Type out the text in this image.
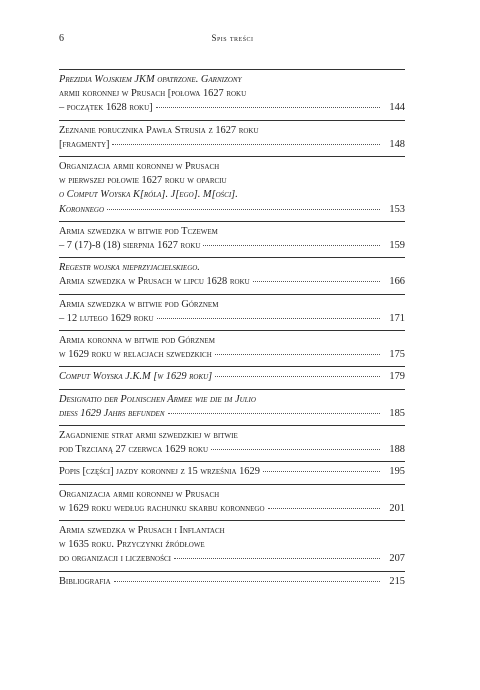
6	Spis treści
Prezidia Wojskiem JKM opatrzone. Garnizony
armii koronnej w Prusach [połowa 1627 roku
– początek 1628 roku]	144
Zeznanie porucznika Pawła Strusia z 1627 roku
[fragmenty]	148
Organizacja armii koronnej w Prusach
w pierwszej połowie 1627 roku w oparciu
o Comput Woyska K[róla]. J[ego]. M[ości].
Koronnego	153
Armia szwedzka w bitwie pod Tczewem
– 7 (17)-8 (18) sierpnia 1627 roku	159
Regestr wojska nieprzyjacielskiego.
Armia szwedzka w Prusach w lipcu 1628 roku	166
Armia szwedzka w bitwie pod Górznem
– 12 lutego 1629 roku	171
Armia koronna w bitwie pod Górznem
w 1629 roku w relacjach szwedzkich	175
Comput Woyska J.K.M [w 1629 roku]	179
Designatio der Polnischen Armee wie die im Julio
diess 1629 Jahrs befunden	185
Zagadnienie strat armii szwedzkiej w bitwie
pod Trzcianą 27 czerwca 1629 roku	188
Popis [części] jazdy koronnej z 15 września 1629	195
Organizacja armii koronnej w Prusach
w 1629 roku według rachunku skarbu koronnego	201
Armia szwedzka w Prusach i Inflantach
w 1635 roku. Przyczynki źródłowe
do organizacji i liczebności	207
Bibliografia	215
